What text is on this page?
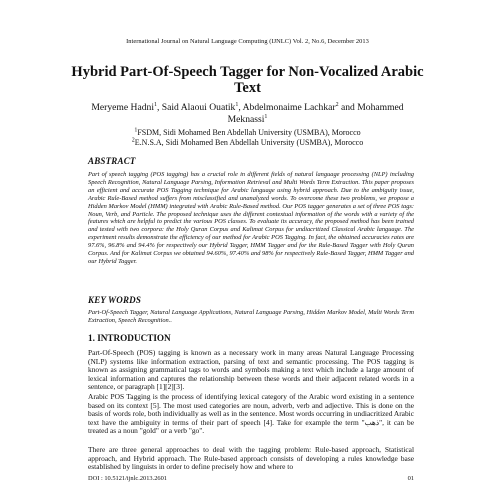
International Journal on Natural Language Computing (IJNLC) Vol. 2, No.6, December 2013
Hybrid Part-Of-Speech Tagger for Non-Vocalized Arabic Text
Meryeme Hadni$^1$, Said Alaoui Ouatik$^1$, Abdelmonaime Lachkar$^2$ and Mohammed
Meknassi$^1$
$^1$FSDM, Sidi Mohamed Ben Abdellah University (USMBA), Morocco
$^2$E.N.S.A, Sidi Mohamed Ben Abdellah University (USMBA), Morocco
ABSTRACT
Part of speech tagging (POS tagging) has a crucial role in different fields of natural language processing (NLP) including Speech Recognition, Natural Language Parsing, Information Retrieval and Multi Words Term Extraction. This paper proposes an efficient and accurate POS Tagging technique for Arabic language using hybrid approach. Due to the ambiguity issue, Arabic Rule-Based method suffers from misclassified and unanalyzed words. To overcome these two problems, we propose a Hidden Markov Model (HMM) integrated with Arabic Rule-Based method. Our POS tagger generates a set of three POS tags: Noun, Verb, and Particle. The proposed technique uses the different contextual information of the words with a variety of the features which are helpful to predict the various POS classes. To evaluate its accuracy, the proposed method has been trained and tested with two corpora: the Holy Quran Corpus and Kalimat Corpus for undiacritized Classical Arabic language. The experiment results demonstrate the efficiency of our method for Arabic POS Tagging. In fact, the obtained accuracies rates are 97.6%, 96.8% and 94.4% for respectively our Hybrid Tagger, HMM Tagger and for the Rule-Based Tagger with Holy Quran Corpus. And for Kalimat Corpus we obtained 94.60%, 97.40% and 98% for respectively Rule-Based Tagger, HMM Tagger and our Hybrid Tagger.
KEY WORDS
Part-Of-Speech Tagger, Natural Language Applications, Natural Language Parsing, Hidden Markov Model, Multi Words Term Extraction, Speech Recognition..
1. INTRODUCTION
Part-Of-Speech (POS) tagging is known as a necessary work in many areas Natural Language Processing (NLP) systems like information extraction, parsing of text and semantic processing. The POS tagging is known as assigning grammatical tags to words and symbols making a text which include a large amount of lexical information and captures the relationship between these words and their adjacent related words in a sentence, or paragraph [1][2][3].
Arabic POS Tagging is the process of identifying lexical category of the Arabic word existing in a sentence based on its context [5]. The most used categories are noun, adverb, verb and adjective. This is done on the basis of words role, both individually as well as in the sentence. Most words occurring in undiacritized Arabic text have the ambiguity in terms of their part of speech [4]. Take for example the term "ذهب", it can be treated as a noun "gold" or a verb "go".
There are three general approaches to deal with the tagging problem: Rule-based approach, Statistical approach, and Hybrid approach. The Rule-based approach consists of developing a rules knowledge base established by linguists in order to define precisely how and where to
DOI : 10.5121/ijnlc.2013.2601	01
